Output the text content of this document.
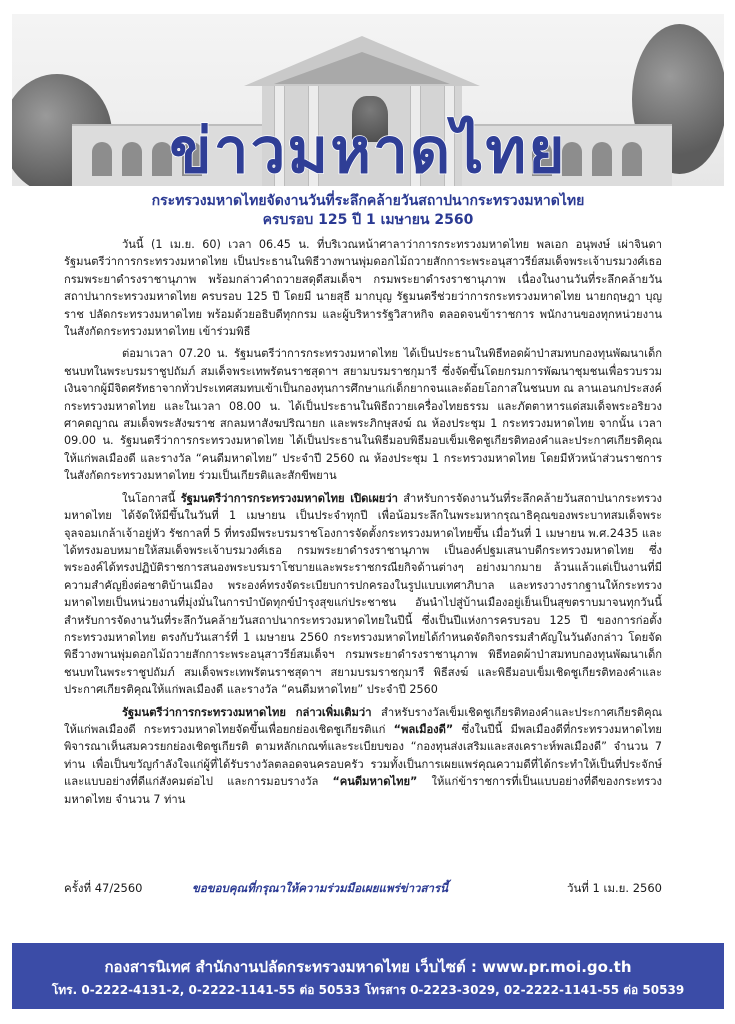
ข่าวมหาดไทย
กระทรวงมหาดไทยจัดงานวันที่ระลึกคล้ายวันสถาปนากระทรวงมหาดไทย
ครบรอบ 125 ปี 1 เมษายน 2560

วันนี้ (1 เม.ย. 60) เวลา 06.45 น. ที่บริเวณหน้าศาลาว่าการกระทรวงมหาดไทย พลเอก อนุพงษ์ เผ่าจินดา รัฐมนตรีว่าการกระทรวงมหาดไทย เป็นประธานในพิธีวางพานพุ่มดอกไม้ถวายสักการะพระอนุสาวรีย์สมเด็จพระเจ้าบรมวงศ์เธอ กรมพระยาดำรงราชานุภาพ พร้อมกล่าวคำถวายสดุดีสมเด็จฯ กรมพระยาดำรงราชานุภาพ เนื่องในงานวันที่ระลึกคล้ายวันสถาปนากระทรวงมหาดไทย ครบรอบ 125 ปี โดยมี นายสุธี มากบุญ รัฐมนตรีช่วยว่าการกระทรวงมหาดไทย นายกฤษฎา บุญราช ปลัดกระทรวงมหาดไทย พร้อมด้วยอธิบดีทุกกรม และผู้บริหารรัฐวิสาหกิจ ตลอดจนข้าราชการ พนักงานของทุกหน่วยงานในสังกัดกระทรวงมหาดไทย เข้าร่วมพิธี

ต่อมาเวลา 07.20 น. รัฐมนตรีว่าการกระทรวงมหาดไทย ได้เป็นประธานในพิธีทอดผ้าป่าสมทบกองทุนพัฒนาเด็กชนบทในพระบรมราชูปถัมภ์ สมเด็จพระเทพรัตนราชสุดาฯ สยามบรมราชกุมารี ซึ่งจัดขึ้นโดยกรมการพัฒนาชุมชนเพื่อรวบรวมเงินจากผู้มีจิตศรัทธาจากทั่วประเทศสมทบเข้าเป็นกองทุนการศึกษาแก่เด็กยากจนและด้อยโอกาสในชนบท ณ ลานเอนกประสงค์ กระทรวงมหาดไทย และในเวลา 08.00 น. ได้เป็นประธานในพิธีถวายเครื่องไทยธรรม และภัตตาหารแด่สมเด็จพระอริยวงศาคตญาณ สมเด็จพระสังฆราช สกลมหาสังฆปริณายก และพระภิกษุสงฆ์ ณ ห้องประชุม 1 กระทรวงมหาดไทย จากนั้น เวลา 09.00 น. รัฐมนตรีว่าการกระทรวงมหาดไทย ได้เป็นประธานในพิธีมอบพิธีมอบเข็มเชิดชูเกียรติทองคำและประกาศเกียรติคุณให้แก่พลเมืองดี และรางวัล “คนดีมหาดไทย” ประจำปี 2560 ณ ห้องประชุม 1 กระทรวงมหาดไทย โดยมีหัวหน้าส่วนราชการในสังกัดกระทรวงมหาดไทย ร่วมเป็นเกียรติและสักขีพยาน

ในโอกาสนี้ รัฐมนตรีว่าการกระทรวงมหาดไทย เปิดเผยว่า สำหรับการจัดงานวันที่ระลึกคล้ายวันสถาปนากระทรวงมหาดไทย ได้จัดให้มีขึ้นในวันที่ 1 เมษายน เป็นประจำทุกปี เพื่อน้อมระลึกในพระมหากรุณาธิคุณของพระบาทสมเด็จพระจุลจอมเกล้าเจ้าอยู่หัว รัชกาลที่ 5 ที่ทรงมีพระบรมราชโองการจัดตั้งกระทรวงมหาดไทยขึ้น เมื่อวันที่ 1 เมษายน พ.ศ.2435 และได้ทรงมอบหมายให้สมเด็จพระเจ้าบรมวงศ์เธอ กรมพระยาดำรงราชานุภาพ เป็นองค์ปฐมเสนาบดีกระทรวงมหาดไทย ซึ่งพระองค์ได้ทรงปฏิบัติราชการสนองพระบรมราโชบายและพระราชกรณียกิจด้านต่างๆ อย่างมากมาย ล้วนแล้วแต่เป็นงานที่มีความสำคัญยิ่งต่อชาติบ้านเมือง พระองค์ทรงจัดระเบียบการปกครองในรูปแบบเทศาภิบาล และทรงวางรากฐานให้กระทรวงมหาดไทยเป็นหน่วยงานที่มุ่งมั่นในการบำบัดทุกข์บำรุงสุขแก่ประชาชน อันนำไปสู่บ้านเมืองอยู่เย็นเป็นสุขตราบมาจนทุกวันนี้ สำหรับการจัดงานวันที่ระลึกวันคล้ายวันสถาปนากระทรวงมหาดไทยในปีนี้ ซึ่งเป็นปีแห่งการครบรอบ 125 ปี ของการก่อตั้งกระทรวงมหาดไทย ตรงกับวันเสาร์ที่ 1 เมษายน 2560 กระทรวงมหาดไทยได้กำหนดจัดกิจกรรมสำคัญในวันดังกล่าว โดยจัดพิธีวางพานพุ่มดอกไม้ถวายสักการะพระอนุสาวรีย์สมเด็จฯ กรมพระยาดำรงราชานุภาพ พิธีทอดผ้าป่าสมทบกองทุนพัฒนาเด็กชนบทในพระราชูปถัมภ์ สมเด็จพระเทพรัตนราชสุดาฯ สยามบรมราชกุมารี พิธีสงฆ์ และพิธีมอบเข็มเชิดชูเกียรติทองคำและประกาศเกียรติคุณให้แก่พลเมืองดี และรางวัล “คนดีมหาดไทย” ประจำปี 2560

รัฐมนตรีว่าการกระทรวงมหาดไทย กล่าวเพิ่มเติมว่า สำหรับรางวัลเข็มเชิดชูเกียรติทองคำและประกาศเกียรติคุณให้แก่พลเมืองดี กระทรวงมหาดไทยจัดขึ้นเพื่อยกย่องเชิดชูเกียรติแก่ “พลเมืองดี” ซึ่งในปีนี้ มีพลเมืองดีที่กระทรวงมหาดไทยพิจารณาเห็นสมควรยกย่องเชิดชูเกียรติ ตามหลักเกณฑ์และระเบียบของ “กองทุนส่งเสริมและสงเคราะห์พลเมืองดี” จำนวน 7 ท่าน เพื่อเป็นขวัญกำลังใจแก่ผู้ที่ได้รับรางวัลตลอดจนครอบครัว รวมทั้งเป็นการเผยแพร่คุณความดีที่ได้กระทำให้เป็นที่ประจักษ์และแบบอย่างที่ดีแก่สังคมต่อไป และการมอบรางวัล “คนดีมหาดไทย” ให้แก่ข้าราชการที่เป็นแบบอย่างที่ดีของกระทรวงมหาดไทย จำนวน 7 ท่าน

ครั้งที่ 47/2560	ขอขอบคุณที่กรุณาให้ความร่วมมือเผยแพร่ข่าวสารนี้	วันที่ 1 เม.ย. 2560
กองสารนิเทศ สำนักงานปลัดกระทรวงมหาดไทย เว็บไซต์ : www.pr.moi.go.th
โทร. 0-2222-4131-2, 0-2222-1141-55 ต่อ 50533 โทรสาร 0-2223-3029, 02-2222-1141-55 ต่อ 50539
